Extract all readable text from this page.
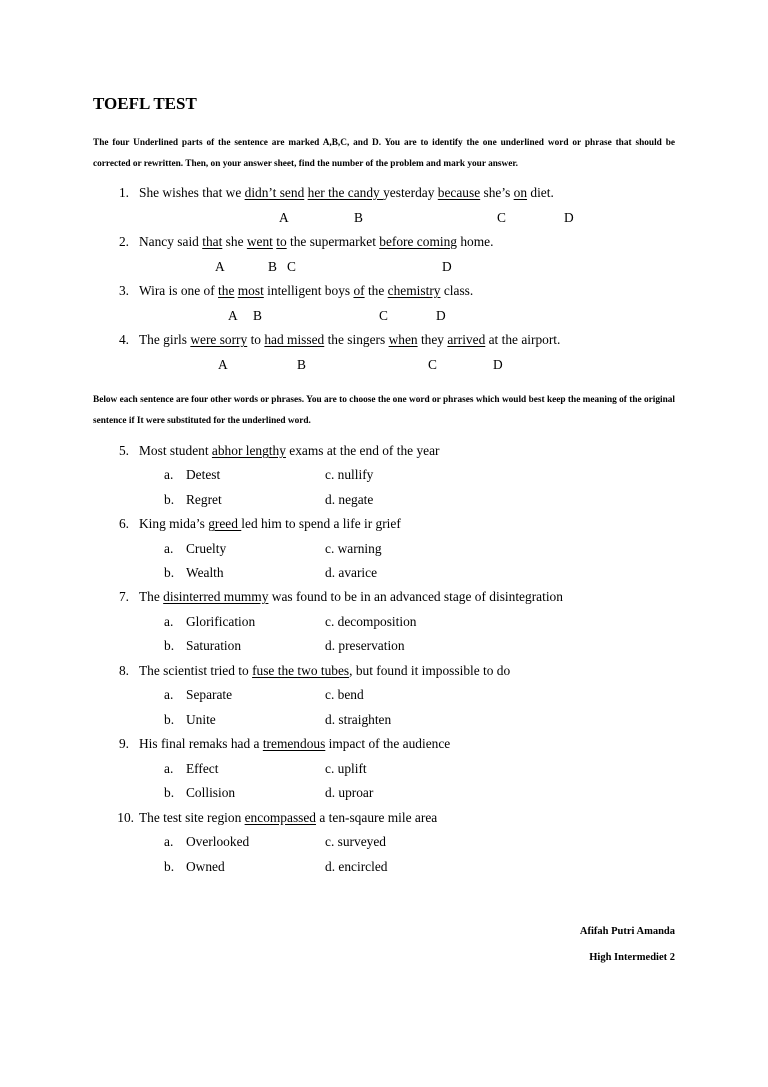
TOEFL TEST

The four Underlined parts of the sentence are marked A,B,C, and D. You are to identify the one underlined word or phrase that should be corrected or rewritten. Then, on your answer sheet, find the number of the problem and mark your answer.

1. She wishes that we didn’t send her the candy yesterday because she’s on diet.
A	B	C	D
2. Nancy said that she went to the supermarket before coming home.
A	B C	D
3. Wira is one of the most intelligent boys of the chemistry class.
A B	C	D
4. The girls were sorry to had missed the singers when they arrived at the airport.
A	B	C	D

Below each sentence are four other words or phrases. You are to choose the one word or phrases which would best keep the meaning of the original sentence if It were substituted for the underlined word.

5. Most student abhor lengthy exams at the end of the year
a. Detest	c. nullify
b. Regret	d. negate
6. King mida’s greed led him to spend a life ir grief
a. Cruelty	c. warning
b. Wealth	d. avarice
7. The disinterred mummy was found to be in an advanced stage of disintegration
a. Glorification	c. decomposition
b. Saturation	d. preservation
8. The scientist tried to fuse the two tubes, but found it impossible to do
a. Separate	c. bend
b. Unite	d. straighten
9. His final remaks had a tremendous impact of the audience
a. Effect	c. uplift
b. Collision	d. uproar
10. The test site region encompassed a ten-sqaure mile area
a. Overlooked	c. surveyed
b. Owned	d. encircled
Afifah Putri Amanda
High Intermediet 2
